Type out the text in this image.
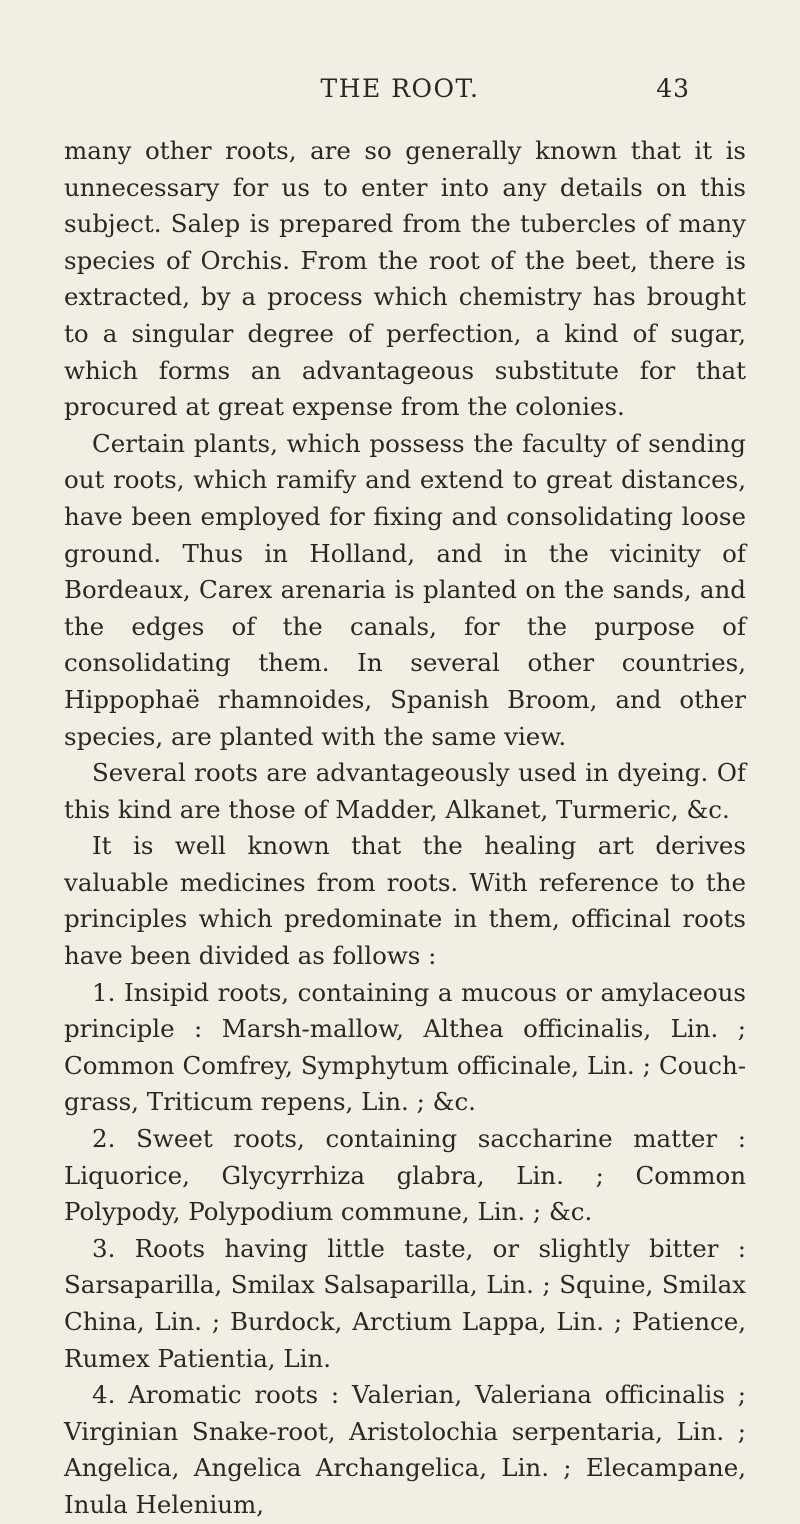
THE ROOT.	43

many other roots, are so generally known that it is unnecessary for us to enter into any details on this subject. Salep is prepared from the tubercles of many species of Orchis. From the root of the beet, there is extracted, by a process which chemistry has brought to a singular degree of perfection, a kind of sugar, which forms an advantageous substitute for that procured at great expense from the colonies.

Certain plants, which possess the faculty of sending out roots, which ramify and extend to great distances, have been employed for fixing and consolidating loose ground. Thus in Holland, and in the vicinity of Bordeaux, Carex arenaria is planted on the sands, and the edges of the canals, for the purpose of consolidating them. In several other countries, Hippophaë rhamnoides, Spanish Broom, and other species, are planted with the same view.

Several roots are advantageously used in dyeing. Of this kind are those of Madder, Alkanet, Turmeric, &c.

It is well known that the healing art derives valuable medicines from roots. With reference to the principles which predominate in them, officinal roots have been divided as follows :

1. Insipid roots, containing a mucous or amylaceous principle : Marsh-mallow, Althea officinalis, Lin. ; Common Comfrey, Symphytum officinale, Lin. ; Couch-grass, Triticum repens, Lin. ; &c.

2. Sweet roots, containing saccharine matter : Liquorice, Glycyrrhiza glabra, Lin. ; Common Polypody, Polypodium commune, Lin. ; &c.

3. Roots having little taste, or slightly bitter : Sarsaparilla, Smilax Salsaparilla, Lin. ; Squine, Smilax China, Lin. ; Burdock, Arctium Lappa, Lin. ; Patience, Rumex Patientia, Lin.

4. Aromatic roots : Valerian, Valeriana officinalis ; Virginian Snake-root, Aristolochia serpentaria, Lin. ; Angelica, Angelica Archangelica, Lin. ; Elecampane, Inula Helenium,
